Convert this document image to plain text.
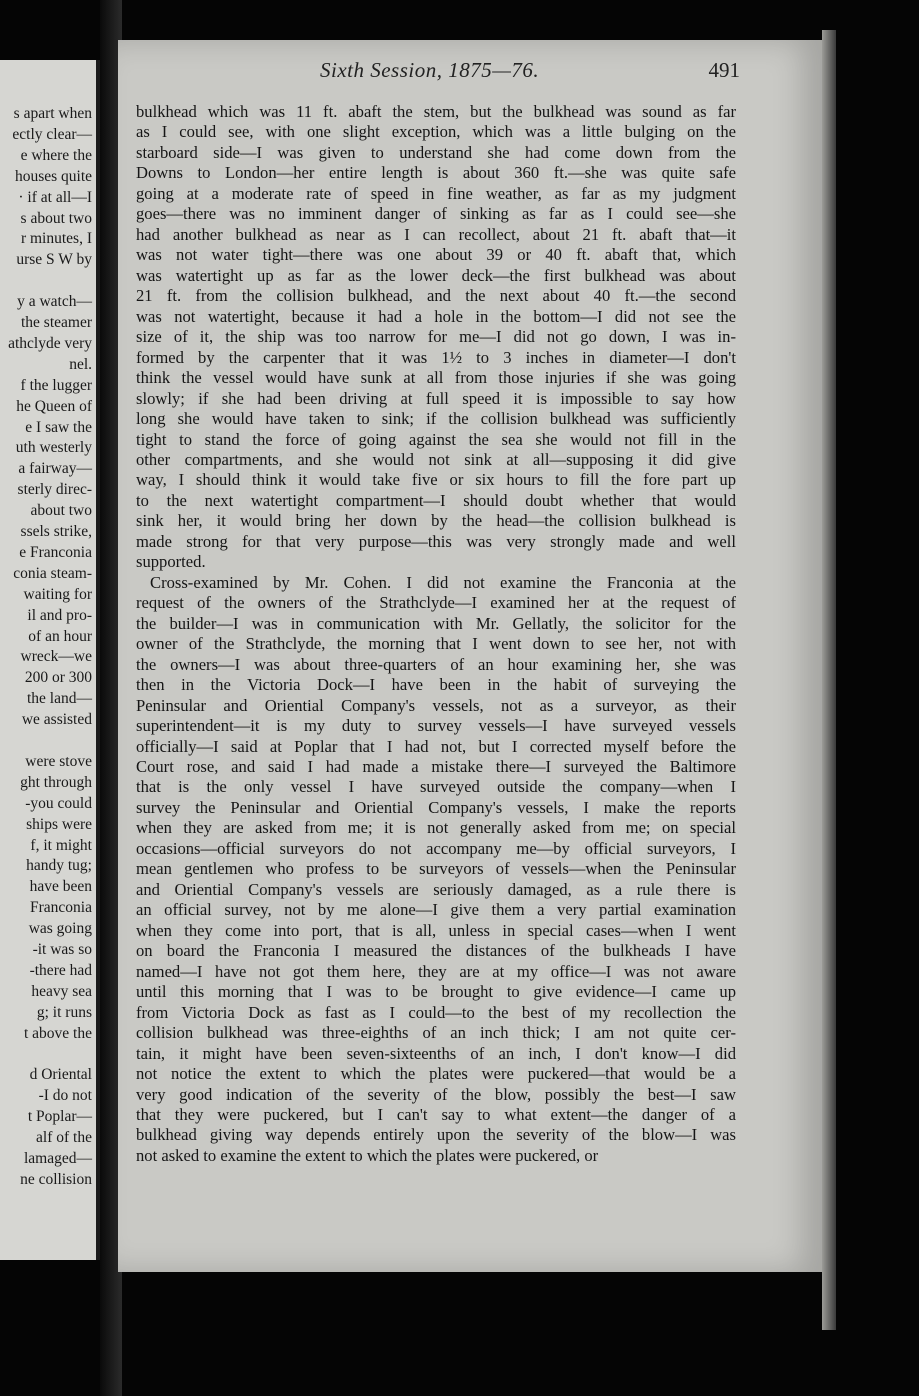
s apart when
ectly clear—
e where the
houses quite
· if at all—I
s about two
r minutes, I
urse S W by
y a watch—
the steamer
athclyde very
nel.
f the lugger
he Queen of
e I saw the
uth westerly
a fairway—
sterly direc-
about two
ssels strike,
e Franconia
conia steam-
waiting for
il and pro-
of an hour
wreck—we
200 or 300
the land—
we assisted
were stove
ght through
-you could
ships were
f, it might
handy tug;
have been
Franconia
was going
-it was so
-there had
heavy sea
g; it runs
t above the
d Oriental
-I do not
t Poplar—
alf of the
lamaged—
ne collision
Sixth Session, 1875—76.	491
bulkhead which was 11 ft. abaft the stem, but the bulkhead was sound as far
as I could see, with one slight exception, which was a little bulging on the
starboard side—I was given to understand she had come down from the
Downs to London—her entire length is about 360 ft.—she was quite safe
going at a moderate rate of speed in fine weather, as far as my judgment
goes—there was no imminent danger of sinking as far as I could see—she
had another bulkhead as near as I can recollect, about 21 ft. abaft that—it
was not water tight—there was one about 39 or 40 ft. abaft that, which
was watertight up as far as the lower deck—the first bulkhead was about
21 ft. from the collision bulkhead, and the next about 40 ft.—the second
was not watertight, because it had a hole in the bottom—I did not see the
size of it, the ship was too narrow for me—I did not go down, I was in-
formed by the carpenter that it was 1½ to 3 inches in diameter—I don't
think the vessel would have sunk at all from those injuries if she was going
slowly; if she had been driving at full speed it is impossible to say how
long she would have taken to sink; if the collision bulkhead was sufficiently
tight to stand the force of going against the sea she would not fill in the
other compartments, and she would not sink at all—supposing it did give
way, I should think it would take five or six hours to fill the fore part up
to the next watertight compartment—I should doubt whether that would
sink her, it would bring her down by the head—the collision bulkhead is
made strong for that very purpose—this was very strongly made and well
supported.
Cross-examined by Mr. Cohen. I did not examine the Franconia at the
request of the owners of the Strathclyde—I examined her at the request of
the builder—I was in communication with Mr. Gellatly, the solicitor for the
owner of the Strathclyde, the morning that I went down to see her, not with
the owners—I was about three-quarters of an hour examining her, she was
then in the Victoria Dock—I have been in the habit of surveying the
Peninsular and Oriential Company's vessels, not as a surveyor, as their
superintendent—it is my duty to survey vessels—I have surveyed vessels
officially—I said at Poplar that I had not, but I corrected myself before the
Court rose, and said I had made a mistake there—I surveyed the Baltimore
that is the only vessel I have surveyed outside the company—when I
survey the Peninsular and Oriential Company's vessels, I make the reports
when they are asked from me; it is not generally asked from me; on special
occasions—official surveyors do not accompany me—by official surveyors, I
mean gentlemen who profess to be surveyors of vessels—when the Peninsular
and Oriential Company's vessels are seriously damaged, as a rule there is
an official survey, not by me alone—I give them a very partial examination
when they come into port, that is all, unless in special cases—when I went
on board the Franconia I measured the distances of the bulkheads I have
named—I have not got them here, they are at my office—I was not aware
until this morning that I was to be brought to give evidence—I came up
from Victoria Dock as fast as I could—to the best of my recollection the
collision bulkhead was three-eighths of an inch thick; I am not quite cer-
tain, it might have been seven-sixteenths of an inch, I don't know—I did
not notice the extent to which the plates were puckered—that would be a
very good indication of the severity of the blow, possibly the best—I saw
that they were puckered, but I can't say to what extent—the danger of a
bulkhead giving way depends entirely upon the severity of the blow—I was
not asked to examine the extent to which the plates were puckered, or
